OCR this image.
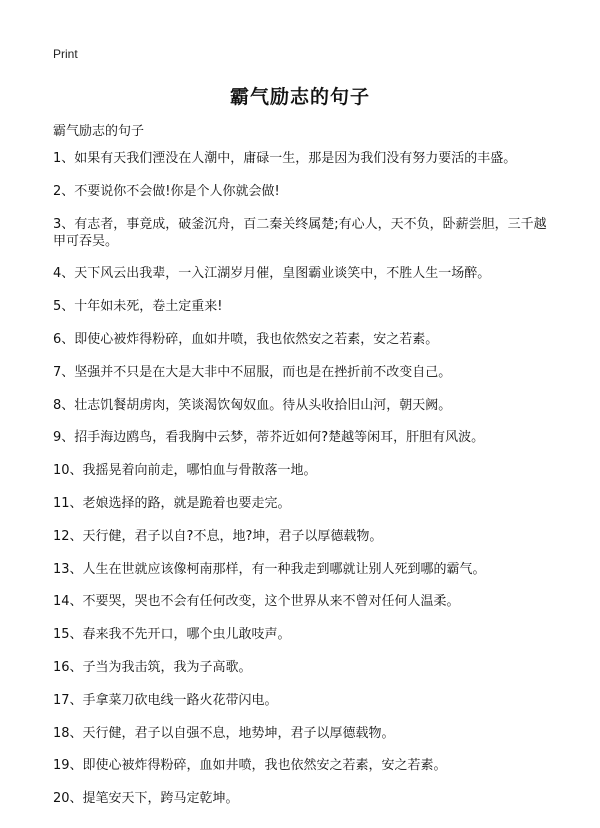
Print
霸气励志的句子
霸气励志的句子
1、如果有天我们湮没在人潮中，庸碌一生，那是因为我们没有努力要活的丰盛。
2、不要说你不会做!你是个人你就会做!
3、有志者，事竟成，破釜沉舟，百二秦关终属楚;有心人，天不负，卧薪尝胆，三千越甲可吞吴。
4、天下风云出我辈，一入江湖岁月催，皇图霸业谈笑中，不胜人生一场醉。
5、十年如未死，卷土定重来!
6、即使心被炸得粉碎，血如井喷，我也依然安之若素，安之若素。
7、坚强并不只是在大是大非中不屈服，而也是在挫折前不改变自己。
8、壮志饥餐胡虏肉，笑谈渴饮匈奴血。待从头收拾旧山河，朝天阙。
9、招手海边鸥鸟，看我胸中云梦，蒂芥近如何?楚越等闲耳，肝胆有风波。
10、我摇晃着向前走，哪怕血与骨散落一地。
11、老娘选择的路，就是跪着也要走完。
12、天行健，君子以自?不息，地?坤，君子以厚德载物。
13、人生在世就应该像柯南那样，有一种我走到哪就让别人死到哪的霸气。
14、不要哭，哭也不会有任何改变，这个世界从来不曾对任何人温柔。
15、春来我不先开口，哪个虫儿敢吱声。
16、子当为我击筑，我为子高歌。
17、手拿菜刀砍电线一路火花带闪电。
18、天行健，君子以自强不息，地势坤，君子以厚德载物。
19、即使心被炸得粉碎，血如井喷，我也依然安之若素，安之若素。
20、提笔安天下，跨马定乾坤。
